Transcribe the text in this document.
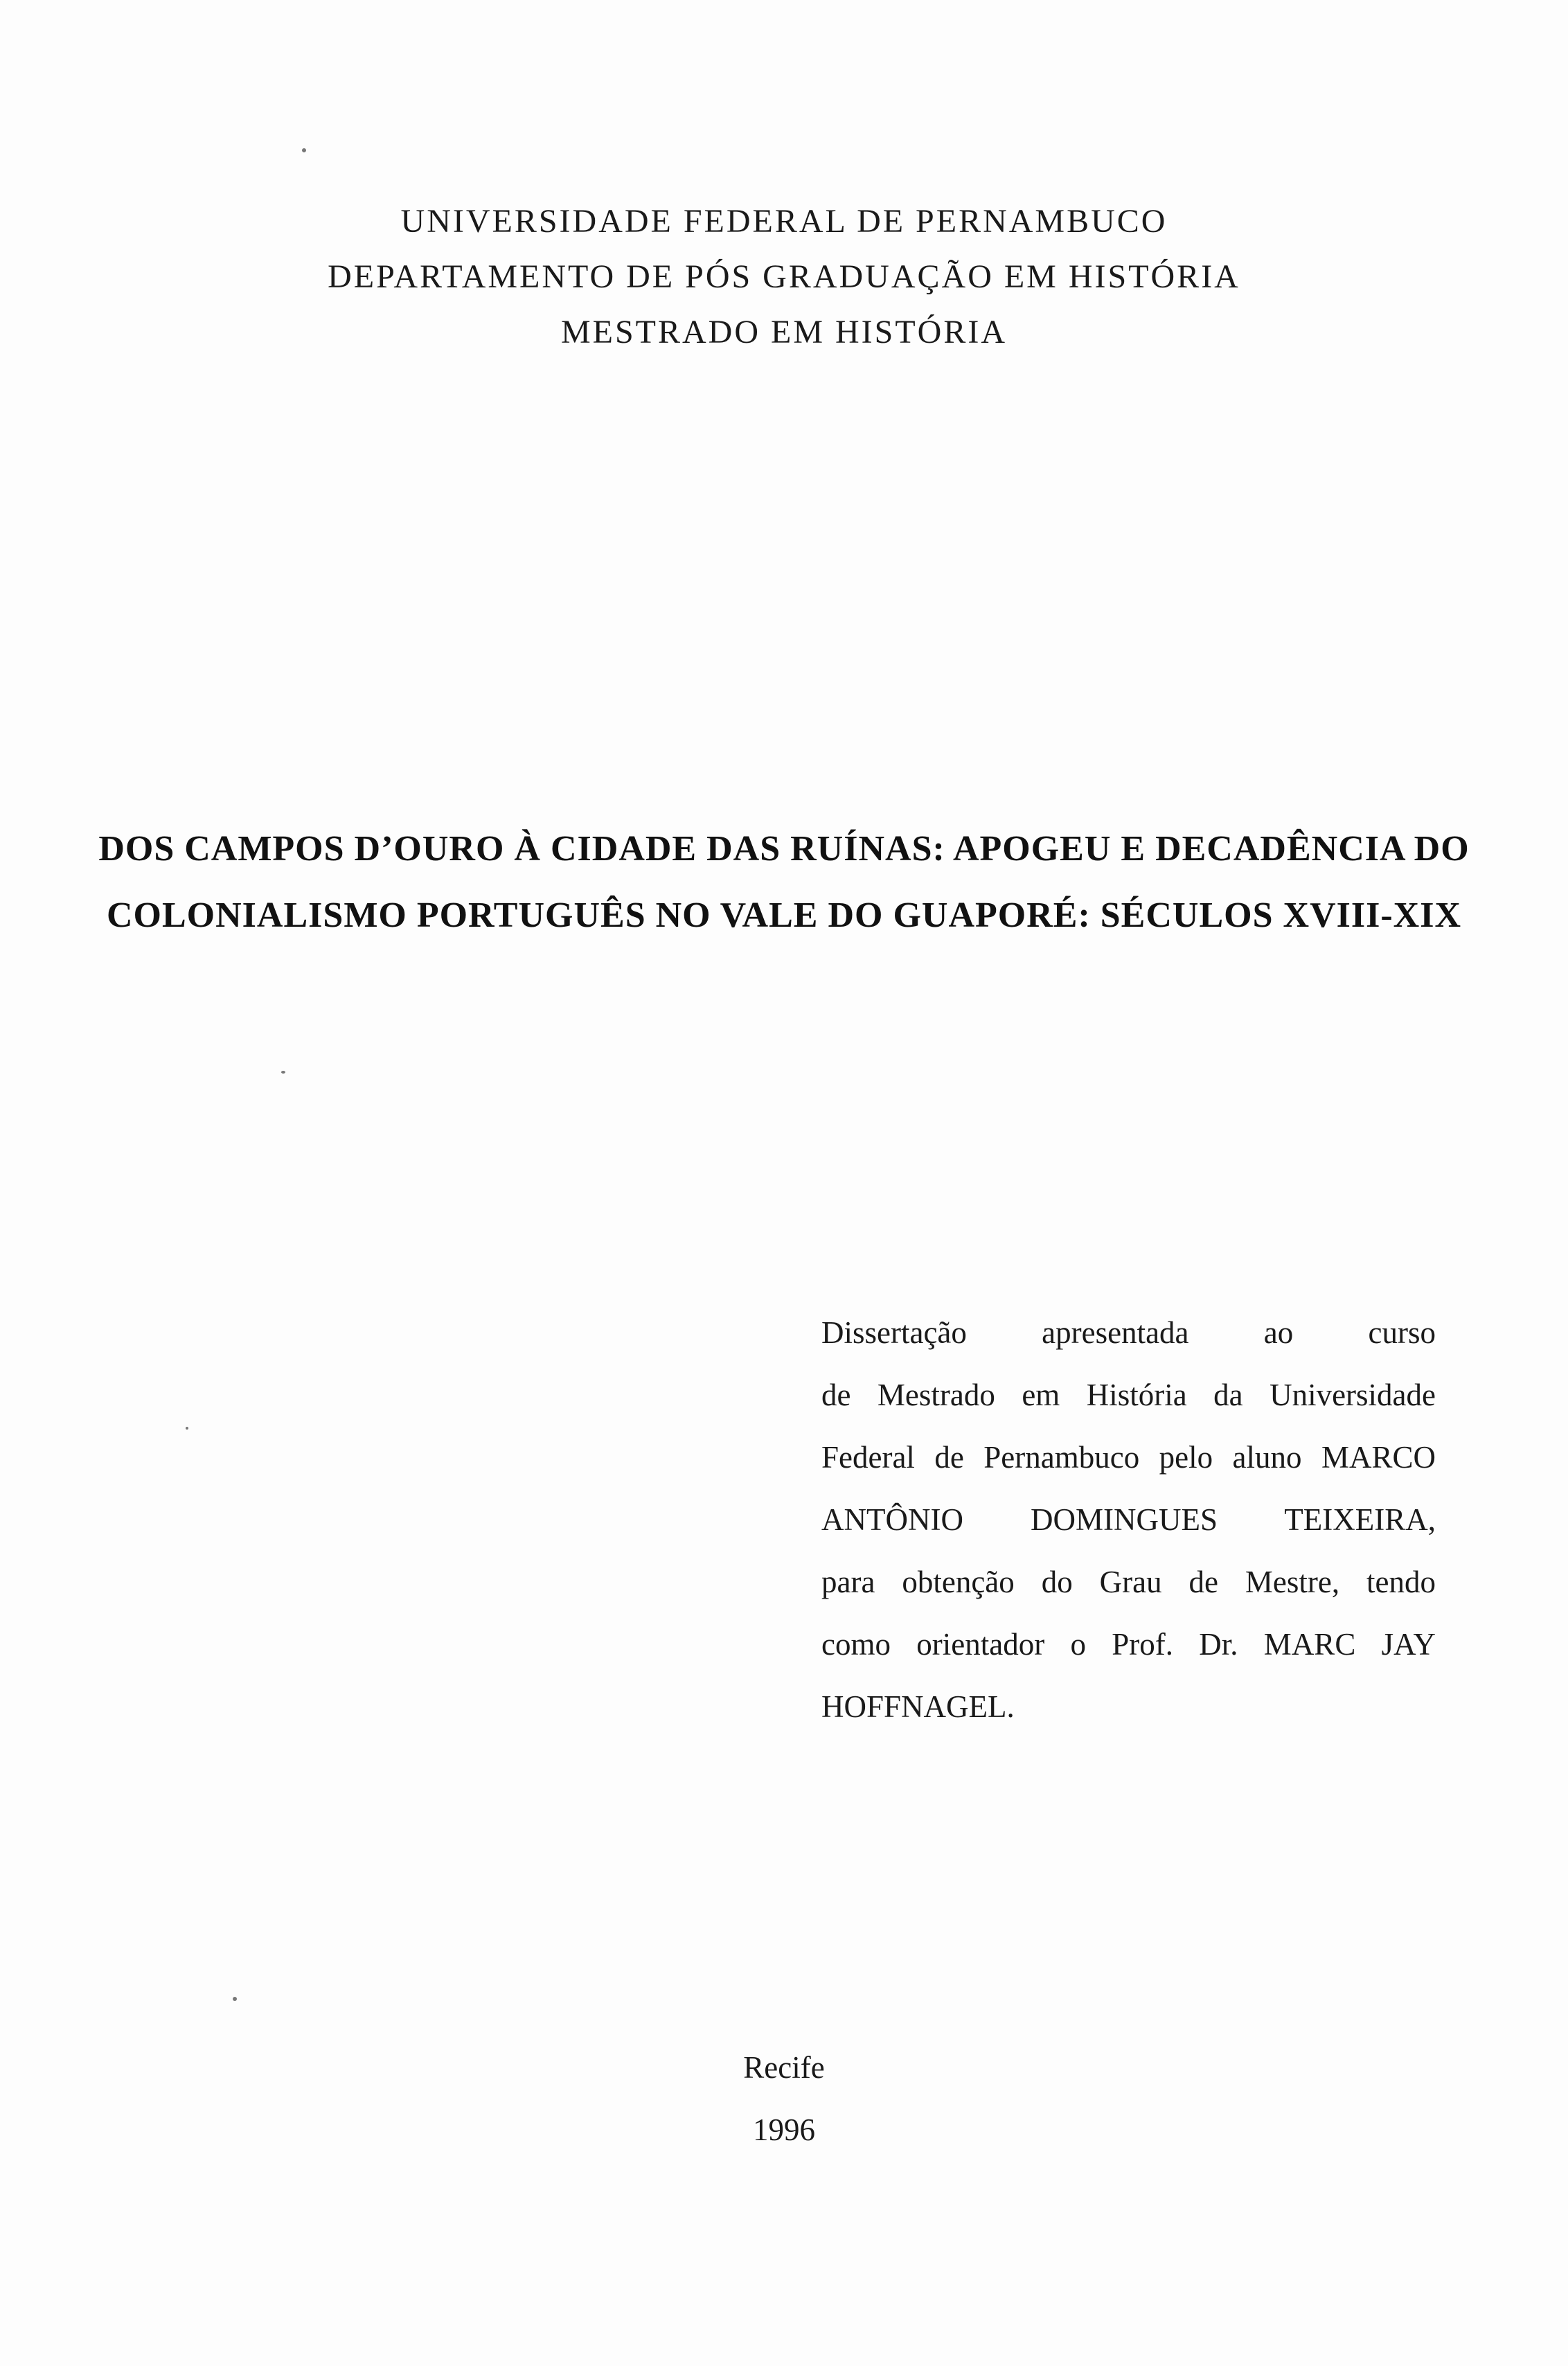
UNIVERSIDADE FEDERAL DE PERNAMBUCO
DEPARTAMENTO DE PÓS GRADUAÇÃO EM HISTÓRIA
MESTRADO EM HISTÓRIA
DOS CAMPOS D’OURO À CIDADE DAS RUÍNAS: APOGEU E DECADÊNCIA DO
COLONIALISMO PORTUGUÊS NO VALE DO GUAPORÉ: SÉCULOS XVIII-XIX
Dissertação apresentada ao curso
de Mestrado em História da Universidade
Federal de Pernambuco pelo aluno MARCO
ANTÔNIO DOMINGUES TEIXEIRA,
para obtenção do Grau de Mestre, tendo
como orientador o Prof. Dr. MARC JAY
HOFFNAGEL.
Recife
1996
